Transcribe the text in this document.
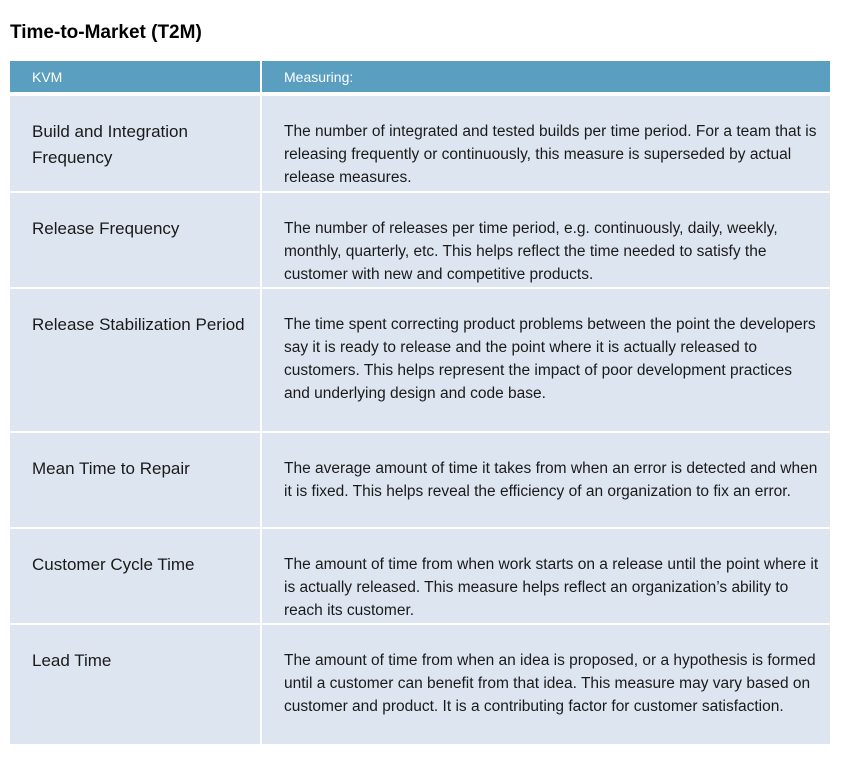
Time-to-Market (T2M)
KVM	Measuring:
Build and Integration Frequency	The number of integrated and tested builds per time period. For a team that is releasing frequently or continuously, this measure is superseded by actual release measures.
Release Frequency	The number of releases per time period, e.g. continuously, daily, weekly, monthly, quarterly, etc. This helps reflect the time needed to satisfy the customer with new and competitive products.
Release Stabilization Period	The time spent correcting product problems between the point the developers say it is ready to release and the point where it is actually released to customers. This helps represent the impact of poor development practices and underlying design and code base.
Mean Time to Repair	The average amount of time it takes from when an error is detected and when it is fixed. This helps reveal the efficiency of an organization to fix an error.
Customer Cycle Time	The amount of time from when work starts on a release until the point where it is actually released. This measure helps reflect an organization’s ability to reach its customer.
Lead Time	The amount of time from when an idea is proposed, or a hypothesis is formed until a customer can benefit from that idea. This measure may vary based on customer and product. It is a contributing factor for customer satisfaction.
